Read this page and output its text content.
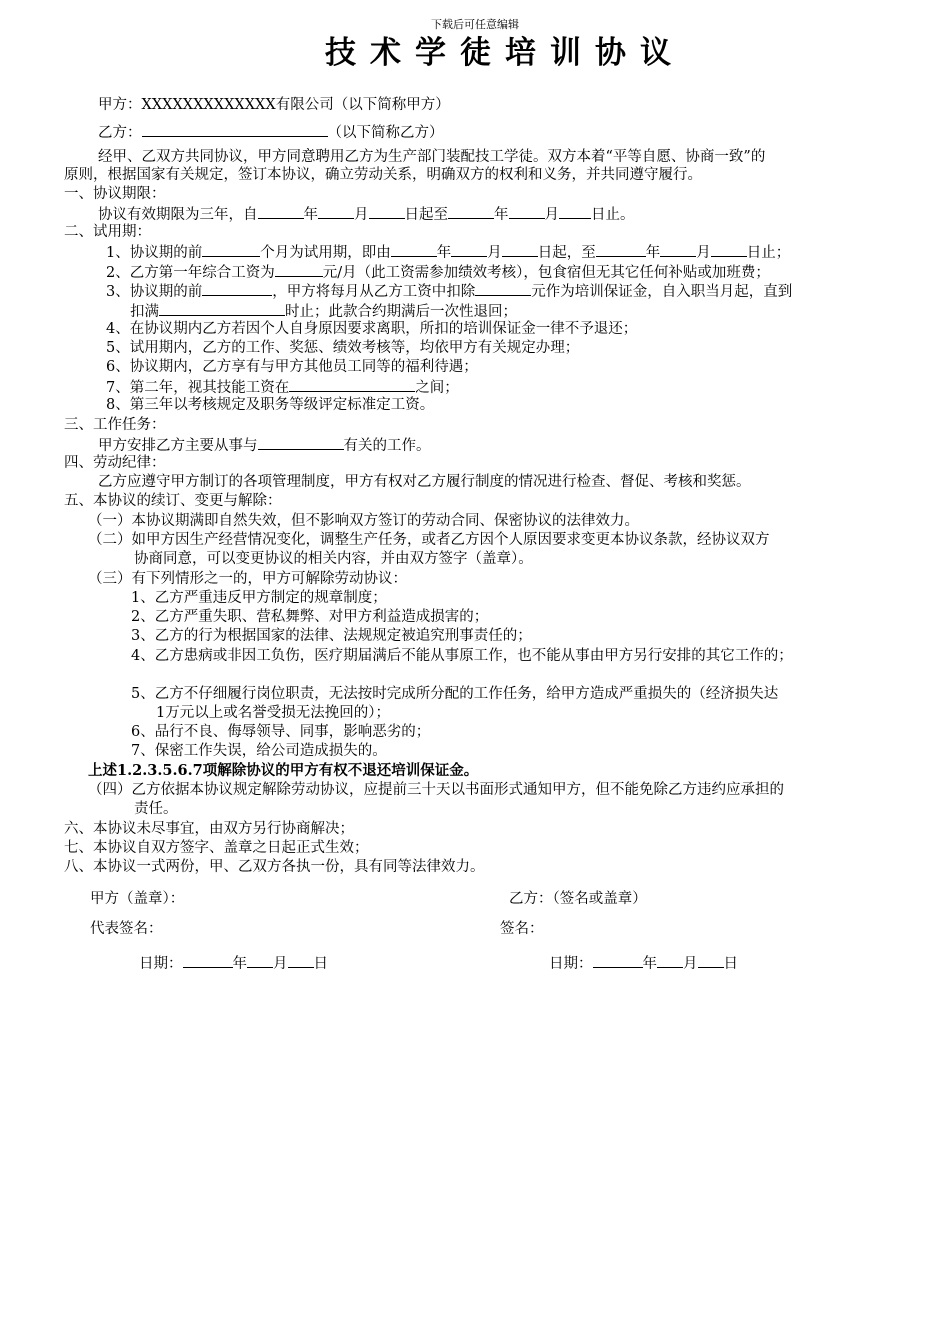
下载后可任意编辑
技术学徒培训协议
甲方：XXXXXXXXXXXXX有限公司（以下简称甲方）
乙方：	（以下简称乙方）
经甲、乙双方共同协议，甲方同意聘用乙方为生产部门装配技工学徒。双方本着“平等自愿、协商一致”的
原则，根据国家有关规定，签订本协议，确立劳动关系，明确双方的权利和义务，并共同遵守履行。
一、协议期限：
协议有效期限为三年，自	年 月 日起至	年 月 日止。
二、试用期：
1、协议期的前	个月为试用期，即由	年 月 日起，至	年 月 日止；
2、乙方第一年综合工资为	元/月（此工资需参加绩效考核），包食宿但无其它任何补贴或加班费；
3、协议期的前	，甲方将每月从乙方工资中扣除	元作为培训保证金，自入职当月起，直到
扣满	时止；此款合约期满后一次性退回；
4、在协议期内乙方若因个人自身原因要求离职，所扣的培训保证金一律不予退还；
5、试用期内，乙方的工作、奖惩、绩效考核等，均依甲方有关规定办理；
6、协议期内，乙方享有与甲方其他员工同等的福利待遇；
7、第二年，视其技能工资在	之间；
8、第三年以考核规定及职务等级评定标准定工资。
三、工作任务：
甲方安排乙方主要从事与	有关的工作。
四、劳动纪律：
乙方应遵守甲方制订的各项管理制度，甲方有权对乙方履行制度的情况进行检查、督促、考核和奖惩。
五、本协议的续订、变更与解除：
（一）本协议期满即自然失效，但不影响双方签订的劳动合同、保密协议的法律效力。
（二）如甲方因生产经营情况变化，调整生产任务，或者乙方因个人原因要求变更本协议条款，经协议双方
协商同意，可以变更协议的相关内容，并由双方签字（盖章）。
（三）有下列情形之一的，甲方可解除劳动协议：
1、乙方严重违反甲方制定的规章制度；
2、乙方严重失职、营私舞弊、对甲方利益造成损害的；
3、乙方的行为根据国家的法律、法规规定被追究刑事责任的；
4、乙方患病或非因工负伤，医疗期届满后不能从事原工作，也不能从事由甲方另行安排的其它工作的；
5、乙方不仔细履行岗位职责，无法按时完成所分配的工作任务，给甲方造成严重损失的（经济损失达
1万元以上或名誉受损无法挽回的）；
6、品行不良、侮辱领导、同事，影响恶劣的；
7、保密工作失误，给公司造成损失的。
上述1.2.3.5.6.7项解除协议的甲方有权不退还培训保证金。
（四）乙方依据本协议规定解除劳动协议，应提前三十天以书面形式通知甲方，但不能免除乙方违约应承担的
责任。
六、本协议未尽事宜，由双方另行协商解决；
七、本协议自双方签字、盖章之日起正式生效；
八、本协议一式两份，甲、乙双方各执一份，具有同等法律效力。
甲方（盖章）：	乙方：（签名或盖章）
代表签名：	签名：
日期：	年 月 日	日期：	年 月 日
